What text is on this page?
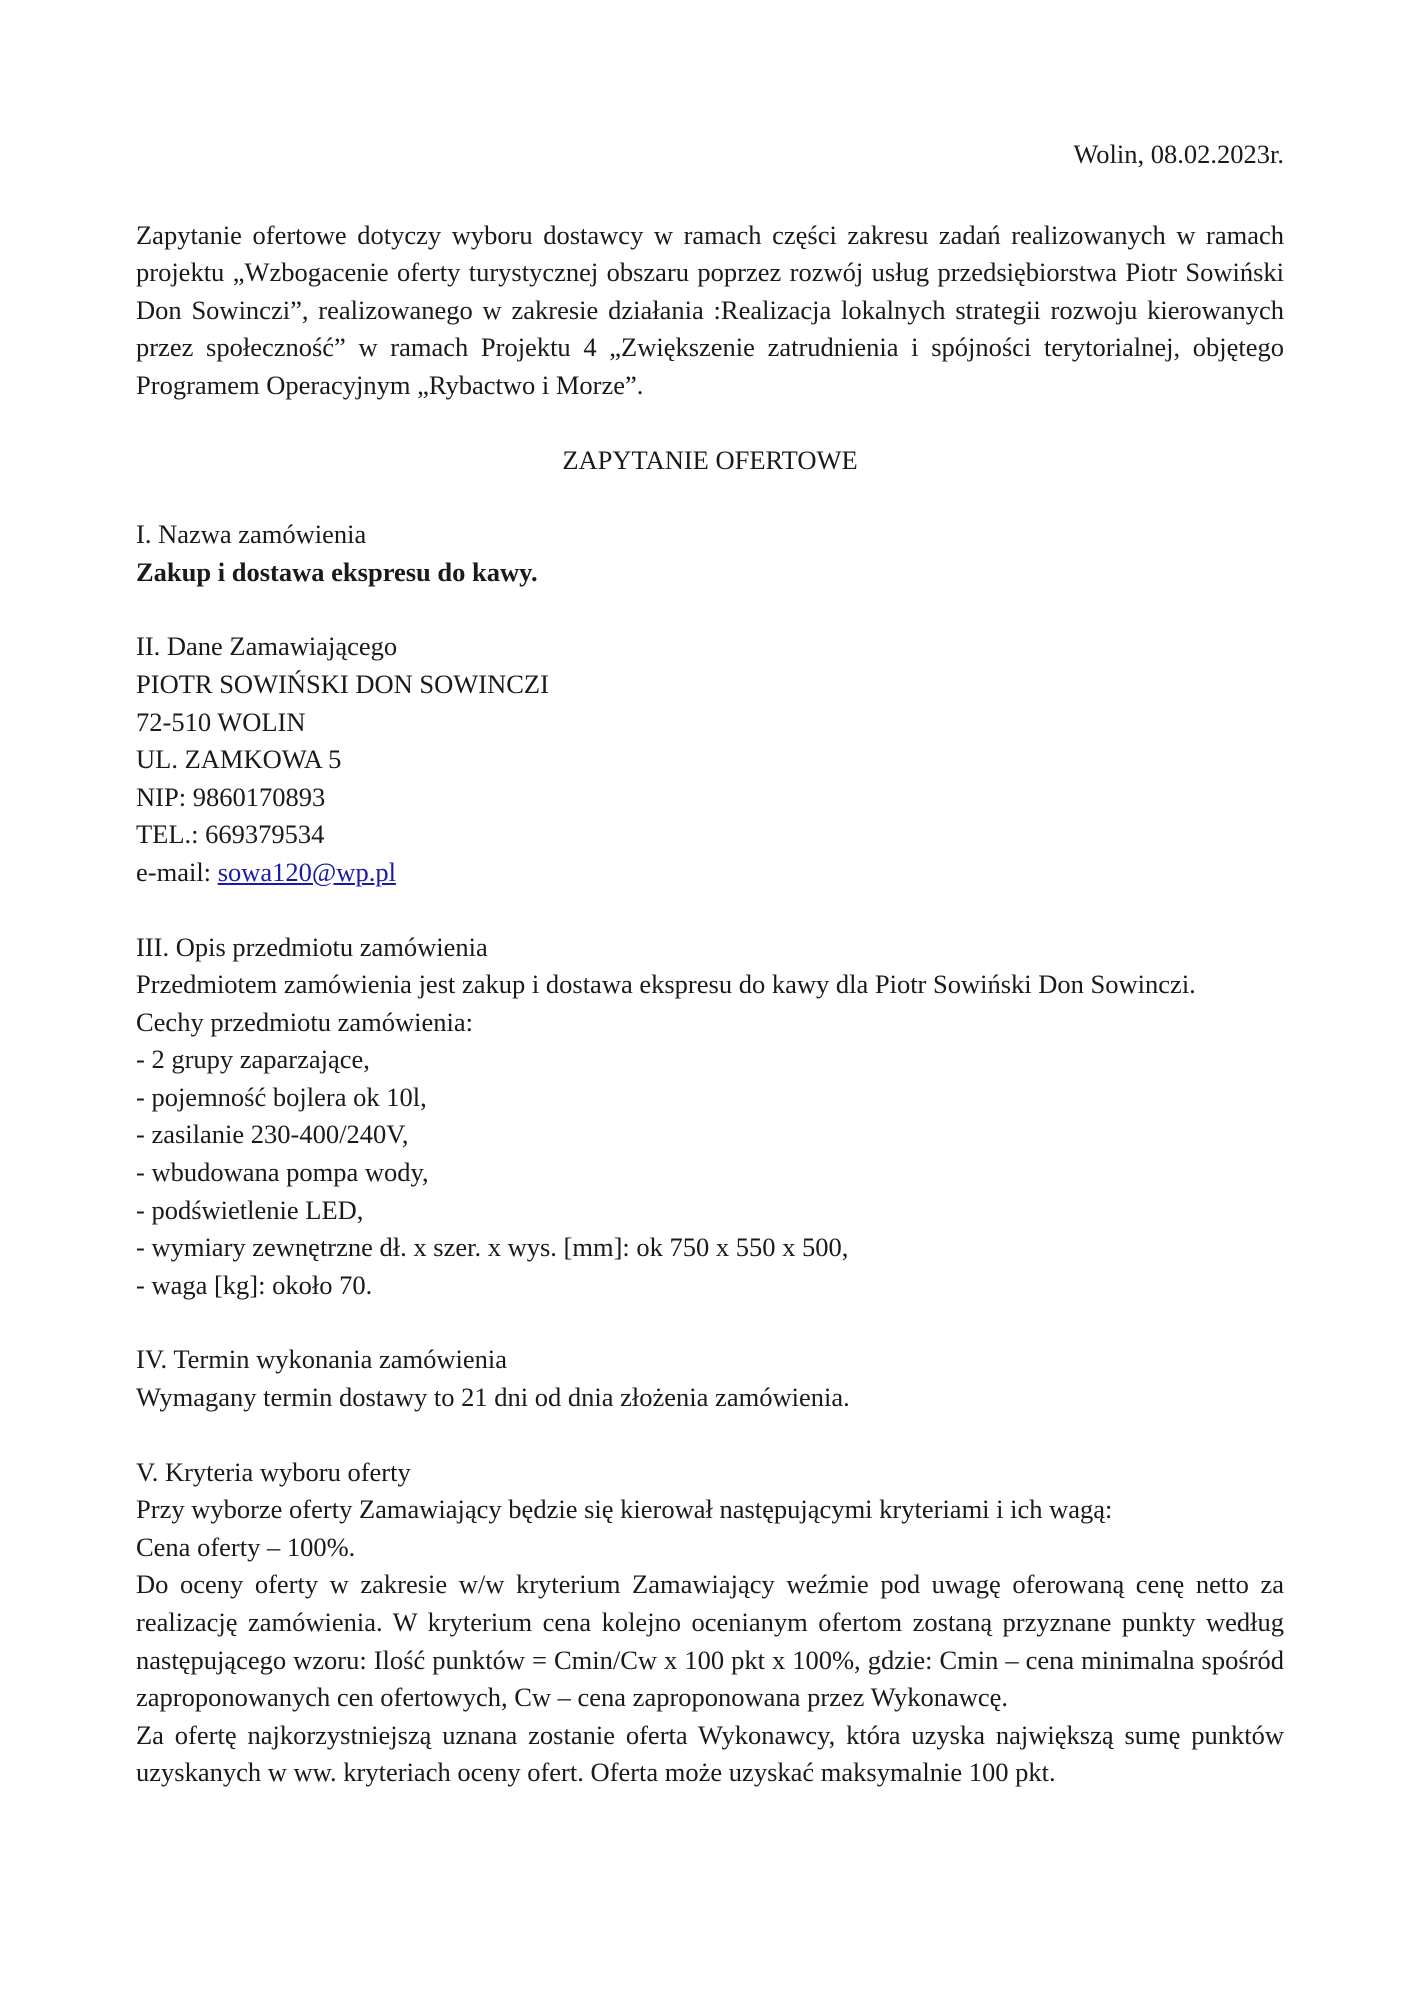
Wolin, 08.02.2023r.

Zapytanie ofertowe dotyczy wyboru dostawcy w ramach części zakresu zadań realizowanych w ramach projektu „Wzbogacenie oferty turystycznej obszaru poprzez rozwój usług przedsiębiorstwa Piotr Sowiński Don Sowinczi”, realizowanego w zakresie działania :Realizacja lokalnych strategii rozwoju kierowanych przez społeczność” w ramach Projektu 4 „Zwiększenie zatrudnienia i spójności terytorialnej, objętego Programem Operacyjnym „Rybactwo i Morze”.

ZAPYTANIE OFERTOWE

I. Nazwa zamówienia

Zakup i dostawa ekspresu do kawy.

II. Dane Zamawiającego

PIOTR SOWIŃSKI DON SOWINCZI

72-510 WOLIN

UL. ZAMKOWA 5

NIP: 9860170893

TEL.: 669379534

e-mail: sowa120@wp.pl

III. Opis przedmiotu zamówienia

Przedmiotem zamówienia jest zakup i dostawa ekspresu do kawy dla Piotr Sowiński Don Sowinczi.

Cechy przedmiotu zamówienia:

- 2 grupy zaparzające,
- pojemność bojlera ok 10l,
- zasilanie 230-400/240V,
- wbudowana pompa wody,
- podświetlenie LED,
- wymiary zewnętrzne dł. x szer. x wys. [mm]: ok 750 x 550 x 500,
- waga [kg]: około 70.

IV. Termin wykonania zamówienia

Wymagany termin dostawy to 21 dni od dnia złożenia zamówienia.

V. Kryteria wyboru oferty

Przy wyborze oferty Zamawiający będzie się kierował następującymi kryteriami i ich wagą:

Cena oferty – 100%.

Do oceny oferty w zakresie w/w kryterium Zamawiający weźmie pod uwagę oferowaną cenę netto za realizację zamówienia. W kryterium cena kolejno ocenianym ofertom zostaną przyznane punkty według następującego wzoru: Ilość punktów = Cmin/Cw x 100 pkt x 100%, gdzie: Cmin – cena minimalna spośród zaproponowanych cen ofertowych, Cw – cena zaproponowana przez Wykonawcę.

Za ofertę najkorzystniejszą uznana zostanie oferta Wykonawcy, która uzyska największą sumę punktów uzyskanych w ww. kryteriach oceny ofert. Oferta może uzyskać maksymalnie 100 pkt.
